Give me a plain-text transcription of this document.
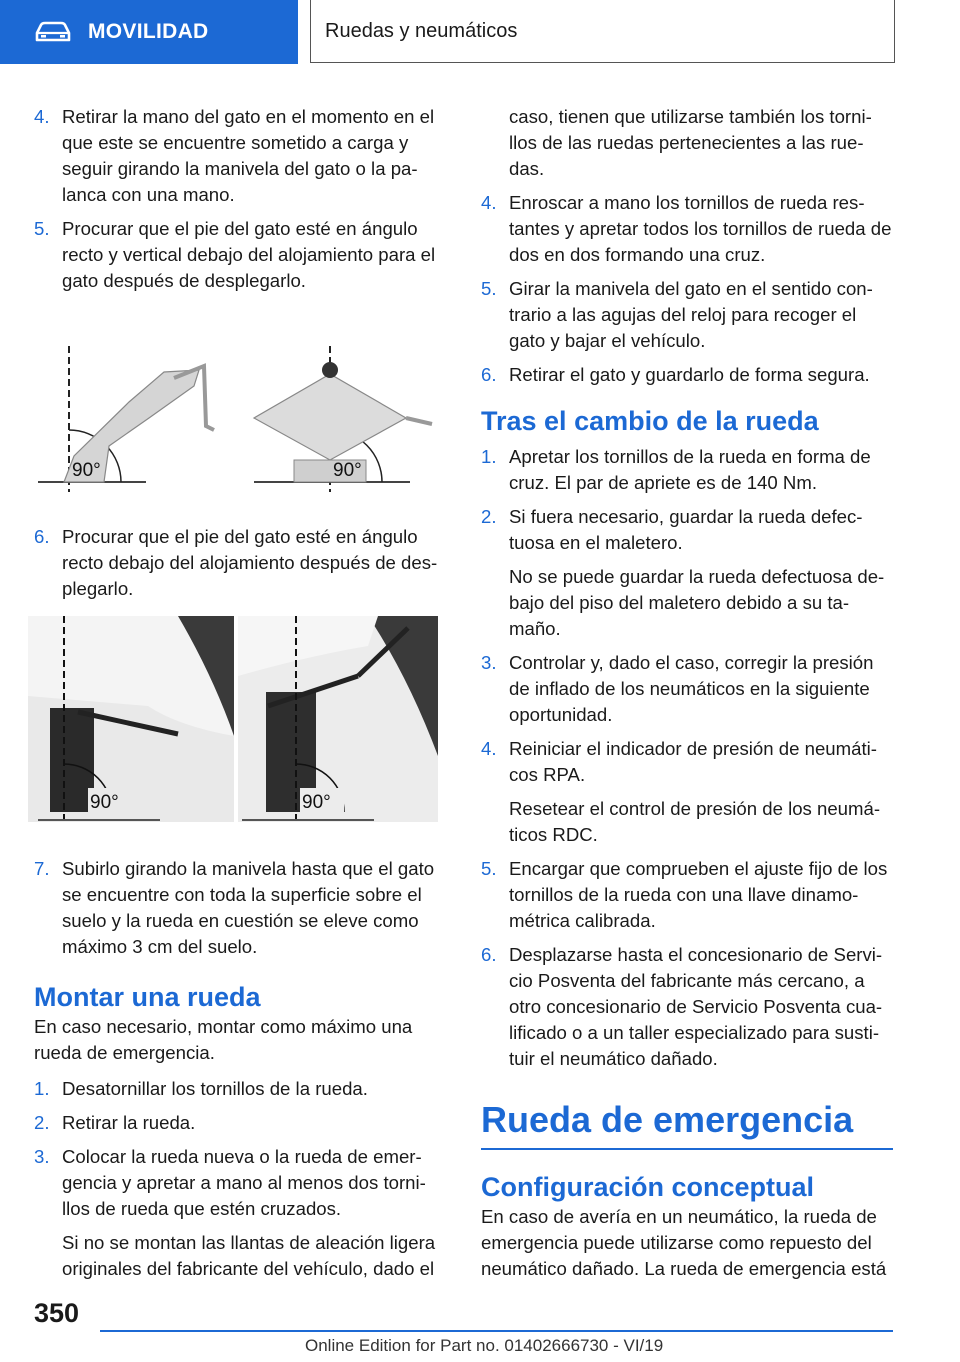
MOVILIDAD	Ruedas y neumáticos
4. Retirar la mano del gato en el momento en el que este se encuentre sometido a carga y seguir girando la manivela del gato o la pa‐ lanca con una mano.

5. Procurar que el pie del gato esté en ángulo recto y vertical debajo del alojamiento para el gato después de desplegarlo.

90°	90°
6. Procurar que el pie del gato esté en ángulo recto debajo del alojamiento después de des‐ plegarlo.

90°	90°
7. Subirlo girando la manivela hasta que el gato se encuentre con toda la superficie sobre el suelo y la rueda en cuestión se eleve como máximo 3 cm del suelo.

Montar una rueda

En caso necesario, montar como máximo una rueda de emergencia.

1. Desatornillar los tornillos de la rueda.

2. Retirar la rueda.

3. Colocar la rueda nueva o la rueda de emer‐ gencia y apretar a mano al menos dos torni‐ llos de rueda que estén cruzados.

Si no se montan las llantas de aleación ligera originales del fabricante del vehículo, dado el

caso, tienen que utilizarse también los torni‐ llos de las ruedas pertenecientes a las rue‐ das.

4. Enroscar a mano los tornillos de rueda res‐ tantes y apretar todos los tornillos de rueda de dos en dos formando una cruz.

5. Girar la manivela del gato en el sentido con‐ trario a las agujas del reloj para recoger el gato y bajar el vehículo.

6. Retirar el gato y guardarlo de forma segura.

Tras el cambio de la rueda
1. Apretar los tornillos de la rueda en forma de cruz. El par de apriete es de 140 Nm.

2. Si fuera necesario, guardar la rueda defec‐ tuosa en el maletero.

No se puede guardar la rueda defectuosa de‐ bajo del piso del maletero debido a su ta‐ maño.

3. Controlar y, dado el caso, corregir la presión de inflado de los neumáticos en la siguiente oportunidad.

4. Reiniciar el indicador de presión de neumáti‐ cos RPA.

Resetear el control de presión de los neumá‐ ticos RDC.

5. Encargar que comprueben el ajuste fijo de los tornillos de la rueda con una llave dinamo‐ métrica calibrada.

6. Desplazarse hasta el concesionario de Servi‐ cio Posventa del fabricante más cercano, a otro concesionario de Servicio Posventa cua‐ lificado o a un taller especializado para susti‐ tuir el neumático dañado.

Rueda de emergencia
Configuración conceptual

En caso de avería en un neumático, la rueda de emergencia puede utilizarse como repuesto del neumático dañado. La rueda de emergencia está

350
Online Edition for Part no. 01402666730 - VI/19
